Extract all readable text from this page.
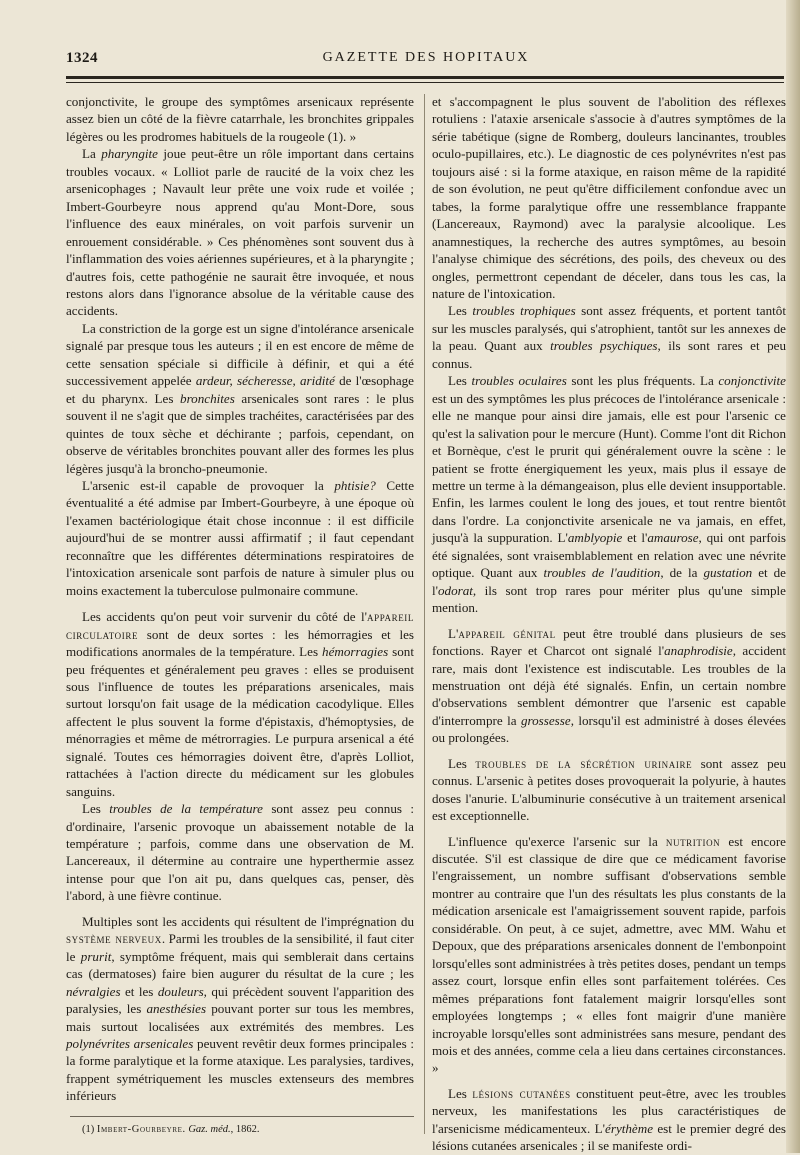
1324	GAZETTE DES HOPITAUX

conjonctivite, le groupe des symptômes arsenicaux représente assez bien un côté de la fièvre catarrhale, les bronchites grippales légères ou les prodromes habituels de la rougeole (1). »

La pharyngite joue peut-être un rôle important dans certains troubles vocaux. « Lolliot parle de raucité de la voix chez les arsenicophages ; Navault leur prête une voix rude et voilée ; Imbert-Gourbeyre nous apprend qu'au Mont-Dore, sous l'influence des eaux minérales, on voit parfois survenir un enrouement considérable. » Ces phénomènes sont souvent dus à l'inflammation des voies aériennes supérieures, et à la pharyngite ; d'autres fois, cette pathogénie ne saurait être invoquée, et nous restons alors dans l'ignorance absolue de la véritable cause des accidents.

La constriction de la gorge est un signe d'intolérance arsenicale signalé par presque tous les auteurs ; il en est encore de même de cette sensation spéciale si difficile à définir, et qui a été successivement appelée ardeur, sécheresse, aridité de l'œsophage et du pharynx. Les bronchites arsenicales sont rares : le plus souvent il ne s'agit que de simples trachéites, caractérisées par des quintes de toux sèche et déchirante ; parfois, cependant, on observe de véritables bronchites pouvant aller des formes les plus légères jusqu'à la broncho-pneumonie.

L'arsenic est-il capable de provoquer la phtisie? Cette éventualité a été admise par Imbert-Gourbeyre, à une époque où l'examen bactériologique était chose inconnue : il est difficile aujourd'hui de se montrer aussi affirmatif ; il faut cependant reconnaître que les différentes déterminations respiratoires de l'intoxication arsenicale sont parfois de nature à simuler plus ou moins exactement la tuberculose pulmonaire commune.

Les accidents qu'on peut voir survenir du côté de l'appareil circulatoire sont de deux sortes : les hémorragies et les modifications anormales de la température. Les hémorragies sont peu fréquentes et généralement peu graves : elles se produisent sous l'influence de toutes les préparations arsenicales, mais surtout lorsqu'on fait usage de la médication cacodylique. Elles affectent le plus souvent la forme d'épistaxis, d'hémoptysies, de ménorragies et même de métrorragies. Le purpura arsenical a été signalé. Toutes ces hémorragies doivent être, d'après Lolliot, rattachées à l'action directe du médicament sur les globules sanguins.

Les troubles de la température sont assez peu connus : d'ordinaire, l'arsenic provoque un abaissement notable de la température ; parfois, comme dans une observation de M. Lancereaux, il détermine au contraire une hyperthermie assez intense pour que l'on ait pu, dans quelques cas, penser, dès l'abord, à une fièvre continue.

Multiples sont les accidents qui résultent de l'imprégnation du système nerveux. Parmi les troubles de la sensibilité, il faut citer le prurit, symptôme fréquent, mais qui semblerait dans certains cas (dermatoses) faire bien augurer du résultat de la cure ; les névralgies et les douleurs, qui précèdent souvent l'apparition des paralysies, les anesthésies pouvant porter sur tous les membres, mais surtout localisées aux extrémités des membres. Les polynévrites arsenicales peuvent revêtir deux formes principales : la forme paralytique et la forme ataxique. Les paralysies, tardives, frappent symétriquement les muscles extenseurs des membres inférieurs

et s'accompagnent le plus souvent de l'abolition des réflexes rotuliens : l'ataxie arsenicale s'associe à d'autres symptômes de la série tabétique (signe de Romberg, douleurs lancinantes, troubles oculo-pupillaires, etc.). Le diagnostic de ces polynévrites n'est pas toujours aisé : si la forme ataxique, en raison même de la rapidité de son évolution, ne peut qu'être difficilement confondue avec un tabes, la forme paralytique offre une ressemblance frappante (Lancereaux, Raymond) avec la paralysie alcoolique. Les anamnestiques, la recherche des autres symptômes, au besoin l'analyse chimique des sécrétions, des poils, des cheveux ou des ongles, permettront cependant de déceler, dans tous les cas, la nature de l'intoxication.

Les troubles trophiques sont assez fréquents, et portent tantôt sur les muscles paralysés, qui s'atrophient, tantôt sur les annexes de la peau. Quant aux troubles psychiques, ils sont rares et peu connus.

Les troubles oculaires sont les plus fréquents. La conjonctivite est un des symptômes les plus précoces de l'intolérance arsenicale : elle ne manque pour ainsi dire jamais, elle est pour l'arsenic ce qu'est la salivation pour le mercure (Hunt). Comme l'ont dit Richon et Bornèque, c'est le prurit qui généralement ouvre la scène : le patient se frotte énergiquement les yeux, mais plus il essaye de mettre un terme à la démangeaison, plus elle devient insupportable. Enfin, les larmes coulent le long des joues, et tout rentre bientôt dans l'ordre. La conjonctivite arsenicale ne va jamais, en effet, jusqu'à la suppuration. L'amblyopie et l'amaurose, qui ont parfois été signalées, sont vraisemblablement en relation avec une névrite optique. Quant aux troubles de l'audition, de la gustation et de l'odorat, ils sont trop rares pour mériter plus qu'une simple mention.

L'appareil génital peut être troublé dans plusieurs de ses fonctions. Rayer et Charcot ont signalé l'anaphrodisie, accident rare, mais dont l'existence est indiscutable. Les troubles de la menstruation ont déjà été signalés. Enfin, un certain nombre d'observations semblent démontrer que l'arsenic est capable d'interrompre la grossesse, lorsqu'il est administré à doses élevées ou prolongées.

Les troubles de la sécrétion urinaire sont assez peu connus. L'arsenic à petites doses provoquerait la polyurie, à hautes doses l'anurie. L'albuminurie consécutive à un traitement arsenical est exceptionnelle.

L'influence qu'exerce l'arsenic sur la nutrition est encore discutée. S'il est classique de dire que ce médicament favorise l'engraissement, un nombre suffisant d'observations semble montrer au contraire que l'un des résultats les plus constants de la médication arsenicale est l'amaigrissement souvent rapide, parfois considérable. On peut, à ce sujet, admettre, avec MM. Wahu et Depoux, que des préparations arsenicales donnent de l'embonpoint lorsqu'elles sont administrées à très petites doses, pendant un temps assez court, lorsque enfin elles sont parfaitement tolérées. Ces mêmes préparations font fatalement maigrir lorsqu'elles sont employées longtemps ; « elles font maigrir d'une manière incroyable lorsqu'elles sont administrées sans mesure, pendant des mois et des années, comme cela a lieu dans certaines circonstances. »

Les lésions cutanées constituent peut-être, avec les troubles nerveux, les manifestations les plus caractéristiques de l'arsenicisme médicamenteux. L'érythème est le premier degré des lésions cutanées arsenicales ; il se manifeste ordi-

(1) Imbert-Gourbeyre. Gaz. méd., 1862.
